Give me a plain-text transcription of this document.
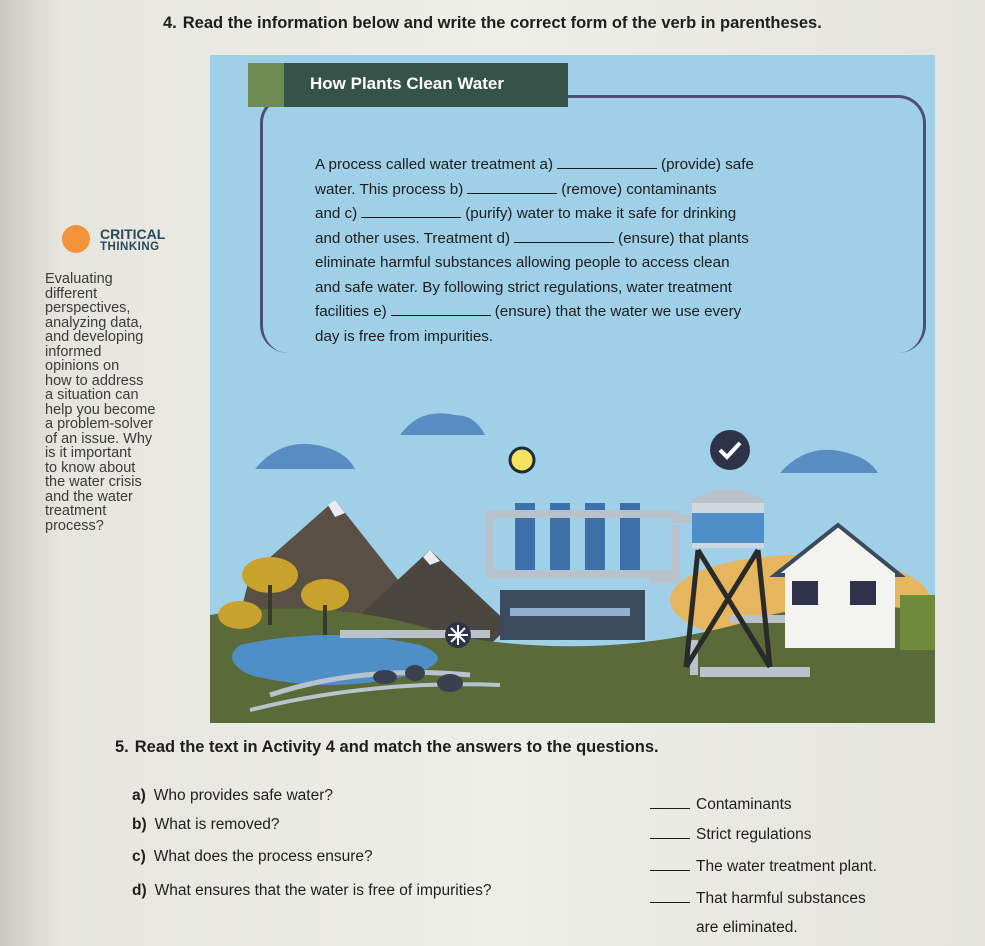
4. Read the information below and write the correct form of the verb in parentheses.
CRITICAL
THINKING
Evaluating
different
perspectives,
analyzing data,
and developing
informed
opinions on
how to address
a situation can
help you become
a problem-solver
of an issue. Why
is it important
to know about
the water crisis
and the water
treatment
process?
How Plants Clean Water
A process called water treatment a)	(provide) safe
water. This process b)	(remove) contaminants
and c)	(purify) water to make it safe for drinking
and other uses. Treatment d)	(ensure) that plants
eliminate harmful substances allowing people to access clean
and safe water. By following strict regulations, water treatment
facilities e)	(ensure) that the water we use every
day is free from impurities.
5. Read the text in Activity 4 and match the answers to the questions.
a) Who provides safe water?
b) What is removed?
c) What does the process ensure?
d) What ensures that the water is free of impurities?
Contaminants
Strict regulations
The water treatment plant.
That harmful substances
are eliminated.
